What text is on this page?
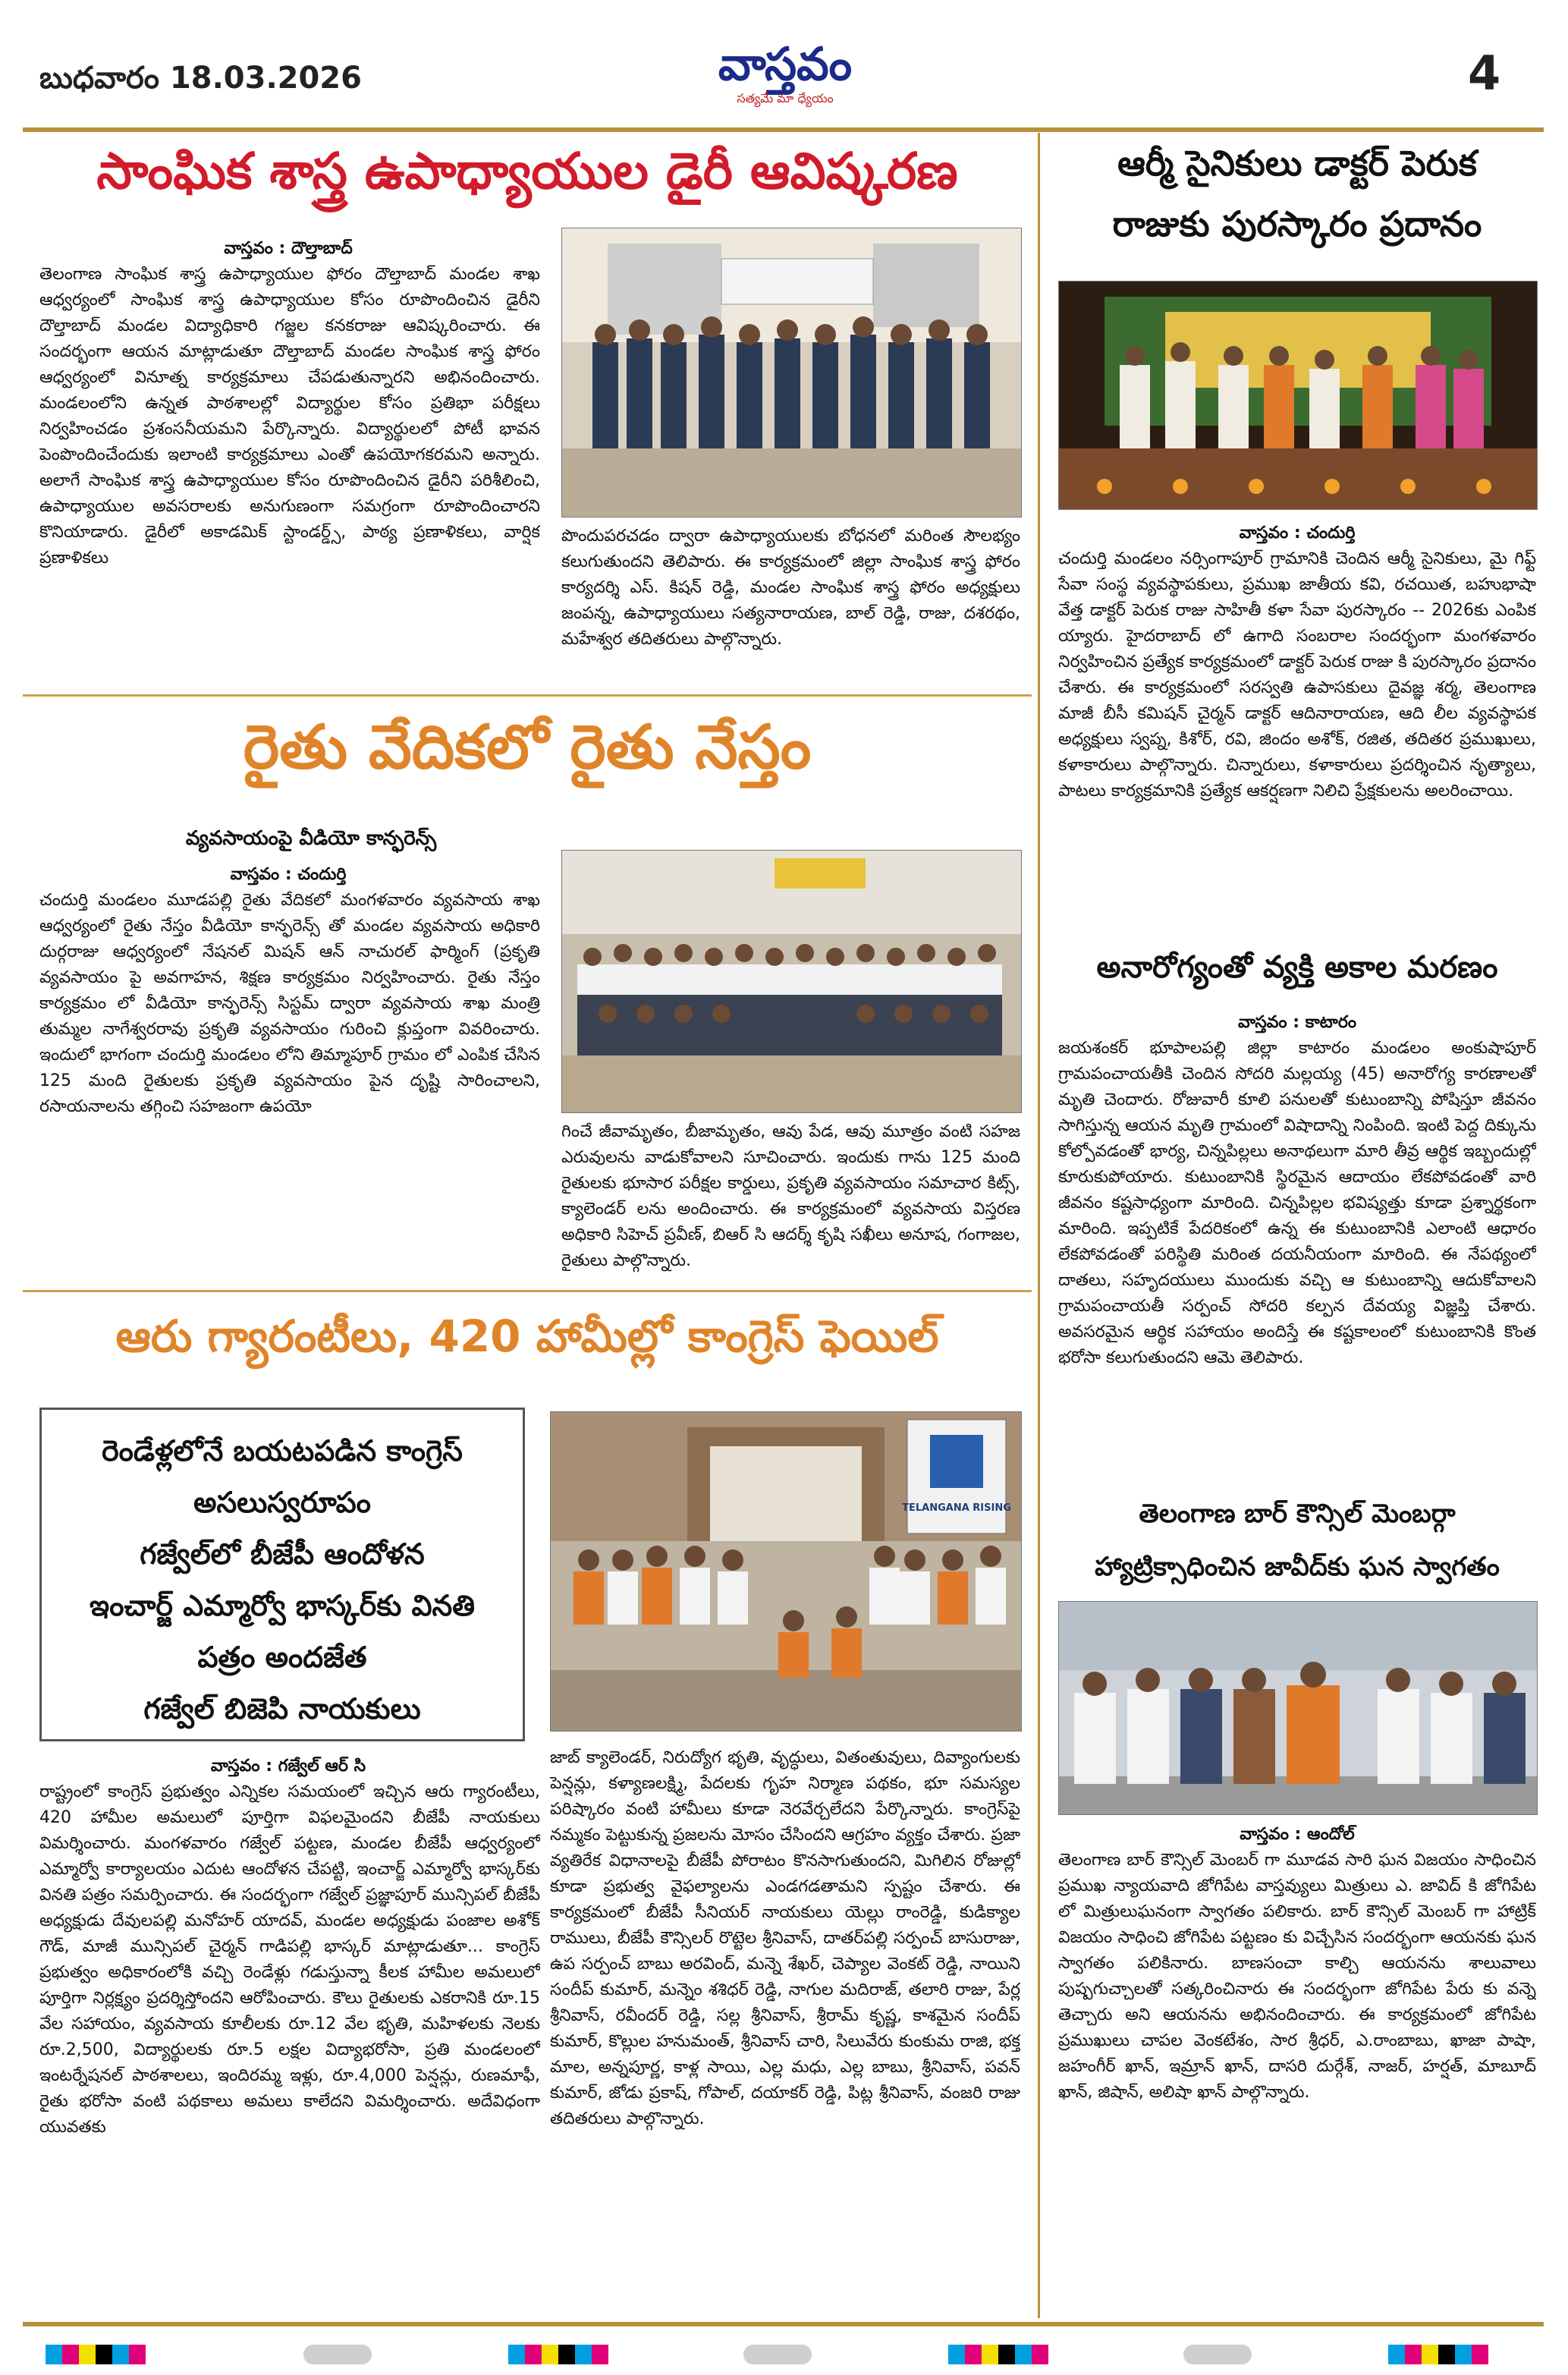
బుధవారం 18.03.2026	వాస్తవం
సత్యమే మా ధ్యేయం	4
సాంఘిక శాస్త్ర ఉపాధ్యాయుల డైరీ ఆవిష్కరణ
వాస్తవం : దౌల్తాబాద్
తెలంగాణ సాంఘిక శాస్త్ర ఉపాధ్యాయుల ఫోరం దౌల్తాబాద్ మండల శాఖ ఆధ్వర్యంలో సాంఘిక శాస్త్ర ఉపాధ్యాయుల కోసం రూపొందించిన డైరీని దౌల్తాబాద్ మండల విద్యాధికారి గజ్జల కనకరాజు ఆవిష్కరించారు. ఈ సందర్భంగా ఆయన మాట్లాడుతూ దౌల్తాబాద్ మండల సాంఘిక శాస్త్ర ఫోరం ఆధ్వర్యంలో వినూత్న కార్యక్రమాలు చేపడుతున్నారని అభినందించారు. మండలంలోని ఉన్నత పాఠశాలల్లో విద్యార్థుల కోసం ప్రతిభా పరీక్షలు నిర్వహించడం ప్రశంసనీయమని పేర్కొన్నారు. విద్యార్థులలో పోటీ భావన పెంపొందించేందుకు ఇలాంటి కార్యక్రమాలు ఎంతో ఉపయోగకరమని అన్నారు. అలాగే సాంఘిక శాస్త్ర ఉపాధ్యాయుల కోసం రూపొందించిన డైరీని పరిశీలించి, ఉపాధ్యాయుల అవసరాలకు అనుగుణంగా సమగ్రంగా రూపొందించారని కొనియాడారు. డైరీలో అకాడమిక్ స్టాండర్డ్స్, పాఠ్య ప్రణాళికలు, వార్షిక ప్రణాళికలు
పొందుపరచడం ద్వారా ఉపాధ్యాయులకు బోధనలో మరింత సౌలభ్యం కలుగుతుందని తెలిపారు. ఈ కార్యక్రమంలో జిల్లా సాంఘిక శాస్త్ర ఫోరం కార్యదర్శి ఎస్. కిషన్ రెడ్డి, మండల సాంఘిక శాస్త్ర ఫోరం అధ్యక్షులు జంపన్న, ఉపాధ్యాయులు సత్యనారాయణ, బాల్ రెడ్డి, రాజు, దశరథం, మహేశ్వర తదితరులు పాల్గొన్నారు.
రైతు వేదికలో రైతు నేస్తం
వ్యవసాయంపై వీడియో కాన్ఫరెన్స్
వాస్తవం : చందుర్తి
చందుర్తి మండలం మూడపల్లి రైతు వేదికలో మంగళవారం వ్యవసాయ శాఖ ఆధ్వర్యంలో రైతు నేస్తం వీడియో కాన్ఫరెన్స్ తో మండల వ్యవసాయ అధికారి దుర్గరాజు ఆధ్వర్యంలో నేషనల్ మిషన్ ఆన్ నాచురల్ ఫార్మింగ్ (ప్రకృతి వ్యవసాయం పై అవగాహన, శిక్షణ కార్యక్రమం నిర్వహించారు. రైతు నేస్తం కార్యక్రమం లో వీడియో కాన్ఫరెన్స్ సిస్టమ్ ద్వారా వ్యవసాయ శాఖ మంత్రి తుమ్మల నాగేశ్వరరావు ప్రకృతి వ్యవసాయం గురించి క్లుప్తంగా వివరించారు. ఇందులో భాగంగా చందుర్తి మండలం లోని తిమ్మాపూర్ గ్రామం లో ఎంపిక చేసిన 125 మంది రైతులకు ప్రకృతి వ్యవసాయం పైన దృష్టి సారించాలని, రసాయనాలను తగ్గించి సహజంగా ఉపయో
గించే జీవామృతం, బీజామృతం, ఆవు పేడ, ఆవు మూత్రం వంటి సహజ ఎరువులను వాడుకోవాలని సూచించారు. ఇందుకు గాను 125 మంది రైతులకు భూసార పరీక్షల కార్డులు, ప్రకృతి వ్యవసాయం సమాచార కిట్స్, క్యాలెండర్ లను అందించారు. ఈ కార్యక్రమంలో వ్యవసాయ విస్తరణ అధికారి సిహెచ్ ప్రవీణ్, బిఆర్ సి ఆదర్శ్ కృషి సఖీలు అనూష, గంగాజల, రైతులు పాల్గొన్నారు.
ఆరు గ్యారంటీలు, 420 హామీల్లో కాంగ్రెస్ ఫెయిల్
రెండేళ్లలోనే బయటపడిన కాంగ్రెస్
అసలుస్వరూపం
గజ్వేల్‌లో బీజేపీ ఆందోళన
ఇంచార్జ్ ఎమ్మార్వో భాస్కర్‌కు వినతి
పత్రం అందజేత
గజ్వేల్ బిజెపి నాయకులు
TELANGANA RISING
వాస్తవం : గజ్వేల్ ఆర్ సి
రాష్ట్రంలో కాంగ్రెస్ ప్రభుత్వం ఎన్నికల సమయంలో ఇచ్చిన ఆరు గ్యారంటీలు, 420 హామీల అమలులో పూర్తిగా విఫలమైందని బీజేపీ నాయకులు విమర్శించారు. మంగళవారం గజ్వేల్ పట్టణ, మండల బీజేపీ ఆధ్వర్యంలో ఎమ్మార్వో కార్యాలయం ఎదుట ఆందోళన చేపట్టి, ఇంచార్జ్ ఎమ్మార్వో భాస్కర్‌కు వినతి పత్రం సమర్పించారు. ఈ సందర్భంగా గజ్వేల్ ప్రజ్ఞాపూర్ మున్సిపల్ బీజేపీ అధ్యక్షుడు దేవులపల్లి మనోహర్ యాదవ్, మండల అధ్యక్షుడు పంజాల అశోక్ గౌడ్, మాజీ మున్సిపల్ చైర్మన్ గాడిపల్లి భాస్కర్ మాట్లాడుతూ... కాంగ్రెస్ ప్రభుత్వం అధికారంలోకి వచ్చి రెండేళ్లు గడుస్తున్నా కీలక హామీల అమలులో పూర్తిగా నిర్లక్ష్యం ప్రదర్శిస్తోందని ఆరోపించారు. కౌలు రైతులకు ఎకరానికి రూ.15 వేల సహాయం, వ్యవసాయ కూలీలకు రూ.12 వేల భృతి, మహిళలకు నెలకు రూ.2,500, విద్యార్థులకు రూ.5 లక్షల విద్యాభరోసా, ప్రతి మండలంలో ఇంటర్నేషనల్ పాఠశాలలు, ఇందిరమ్మ ఇళ్లు, రూ.4,000 పెన్షన్లు, రుణమాఫీ, రైతు భరోసా వంటి పథకాలు అమలు కాలేదని విమర్శించారు. అదేవిధంగా యువతకు
జాబ్ క్యాలెండర్, నిరుద్యోగ భృతి, వృద్ధులు, వితంతువులు, దివ్యాంగులకు పెన్షన్లు, కళ్యాణలక్ష్మి, పేదలకు గృహ నిర్మాణ పథకం, భూ సమస్యల పరిష్కారం వంటి హామీలు కూడా నెరవేర్చలేదని పేర్కొన్నారు. కాంగ్రెస్‌పై నమ్మకం పెట్టుకున్న ప్రజలను మోసం చేసిందని ఆగ్రహం వ్యక్తం చేశారు. ప్రజా వ్యతిరేక విధానాలపై బీజేపీ పోరాటం కొనసాగుతుందని, మిగిలిన రోజుల్లో కూడా ప్రభుత్వ వైఫల్యాలను ఎండగడతామని స్పష్టం చేశారు. ఈ కార్యక్రమంలో బీజేపీ సీనియర్ నాయకులు యెల్లు రాంరెడ్డి, కుడిక్యాల రాములు, బీజేపీ కౌన్సిలర్ రొట్టెల శ్రీనివాస్, దాతర్‌పల్లి సర్పంచ్ బాసురాజు, ఉప సర్పంచ్ బాబు అరవింద్, మన్నె శేఖర్, చెప్యాల వెంకట్ రెడ్డి, నాయిని సందీప్ కుమార్, మన్నెం శశిధర్ రెడ్డి, నాగుల మదిరాజ్, తలారి రాజు, పేర్ల శ్రీనివాస్, రవీందర్ రెడ్డి, సల్ల శ్రీనివాస్, శ్రీరామ్ కృష్ణ, కాశమైన సందీప్ కుమార్, కొల్లుల హనుమంత్, శ్రీనివాస్ చారి, సిలువేరు కుంకుమ రాజి, భక్త మాల, అన్నపూర్ణ, కాళ్ల సాయి, ఎల్ల మధు, ఎల్ల బాబు, శ్రీనివాస్, పవన్ కుమార్, జోడు ప్రకాష్, గోపాల్, దయాకర్ రెడ్డి, పిట్ల శ్రీనివాస్, వంజరి రాజు తదితరులు పాల్గొన్నారు.
ఆర్మీ సైనికులు డాక్టర్ పెరుక
రాజుకు పురస్కారం ప్రదానం
వాస్తవం : చందుర్తి
చందుర్తి మండలం నర్సింగాపూర్ గ్రామానికి చెందిన ఆర్మీ సైనికులు, మై గిఫ్ట్ సేవా సంస్థ వ్యవస్థాపకులు, ప్రముఖ జాతీయ కవి, రచయిత, బహుభాషా వేత్త డాక్టర్ పెరుక రాజు సాహితీ కళా సేవా పురస్కారం -- 2026కు ఎంపిక య్యారు. హైదరాబాద్ లో ఉగాది సంబరాల సందర్భంగా మంగళవారం నిర్వహించిన ప్రత్యేక కార్యక్రమంలో డాక్టర్ పెరుక రాజు కి పురస్కారం ప్రదానం చేశారు. ఈ కార్యక్రమంలో సరస్వతి ఉపాసకులు దైవజ్ఞ శర్మ, తెలంగాణ మాజీ బీసీ కమిషన్ చైర్మన్ డాక్టర్ ఆదినారాయణ, ఆది లీల వ్యవస్థాపక అధ్యక్షులు స్వప్న, కిశోర్, రవి, జిందం అశోక్, రజిత, తదితర ప్రముఖులు, కళాకారులు పాల్గొన్నారు. చిన్నారులు, కళాకారులు ప్రదర్శించిన నృత్యాలు, పాటలు కార్యక్రమానికి ప్రత్యేక ఆకర్షణగా నిలిచి ప్రేక్షకులను అలరించాయి.
అనారోగ్యంతో వ్యక్తి అకాల మరణం
వాస్తవం : కాటారం
జయశంకర్ భూపాలపల్లి జిల్లా కాటారం మండలం అంకుషాపూర్ గ్రామపంచాయతీకి చెందిన సోదరి మల్లయ్య (45) అనారోగ్య కారణాలతో మృతి చెందారు. రోజువారీ కూలి పనులతో కుటుంబాన్ని పోషిస్తూ జీవనం సాగిస్తున్న ఆయన మృతి గ్రామంలో విషాదాన్ని నింపింది. ఇంటి పెద్ద దిక్కును కోల్పోవడంతో భార్య, చిన్నపిల్లలు అనాథలుగా మారి తీవ్ర ఆర్థిక ఇబ్బందుల్లో కూరుకుపోయారు. కుటుంబానికి స్థిరమైన ఆదాయం లేకపోవడంతో వారి జీవనం కష్టసాధ్యంగా మారింది. చిన్నపిల్లల భవిష్యత్తు కూడా ప్రశ్నార్థకంగా మారింది. ఇప్పటికే పేదరికంలో ఉన్న ఈ కుటుంబానికి ఎలాంటి ఆధారం లేకపోవడంతో పరిస్థితి మరింత దయనీయంగా మారింది. ఈ నేపథ్యంలో దాతలు, సహృదయులు ముందుకు వచ్చి ఆ కుటుంబాన్ని ఆదుకోవాలని గ్రామపంచాయతీ సర్పంచ్ సోదరి కల్పన దేవయ్య విజ్ఞప్తి చేశారు. అవసరమైన ఆర్థిక సహాయం అందిస్తే ఈ కష్టకాలంలో కుటుంబానికి కొంత భరోసా కలుగుతుందని ఆమె తెలిపారు.
తెలంగాణ బార్ కౌన్సిల్ మెంబర్గా
హ్యాట్రిక్సాధించిన జావీద్‌కు ఘన స్వాగతం
వాస్తవం : ఆందోల్
తెలంగాణ బార్ కౌన్సిల్ మెంబర్ గా మూడవ సారి ఘన విజయం సాధించిన ప్రముఖ న్యాయవాది జోగిపేట వాస్తవ్యులు మిత్రులు ఎ. జావిద్ కి జోగిపేట లో మిత్రులుఘనంగా స్వాగతం పలికారు. బార్ కౌన్సిల్ మెంబర్ గా హాట్రిక్ విజయం సాధించి జోగిపేట పట్టణం కు విచ్చేసిన సందర్భంగా ఆయనకు ఘన స్వాగతం పలికినారు. బాణసంచా కాల్చి ఆయనను శాలువాలు పుష్పగుచ్చాలతో సత్కరించినారు ఈ సందర్భంగా జోగిపేట పేరు కు వన్నె తెచ్చారు అని ఆయనను అభినందించారు. ఈ కార్యక్రమంలో జోగిపేట ప్రముఖులు చాపల వెంకటేశం, సార శ్రీధర్, ఎ.రాంబాబు, ఖాజా పాషా, జహంగీర్ ఖాన్, ఇమ్రాన్ ఖాన్, దాసరి దుర్గేశ్, నాజర్, హర్షత్, మాబూద్ ఖాన్, జిషాన్, అలిషా ఖాన్ పాల్గొన్నారు.
